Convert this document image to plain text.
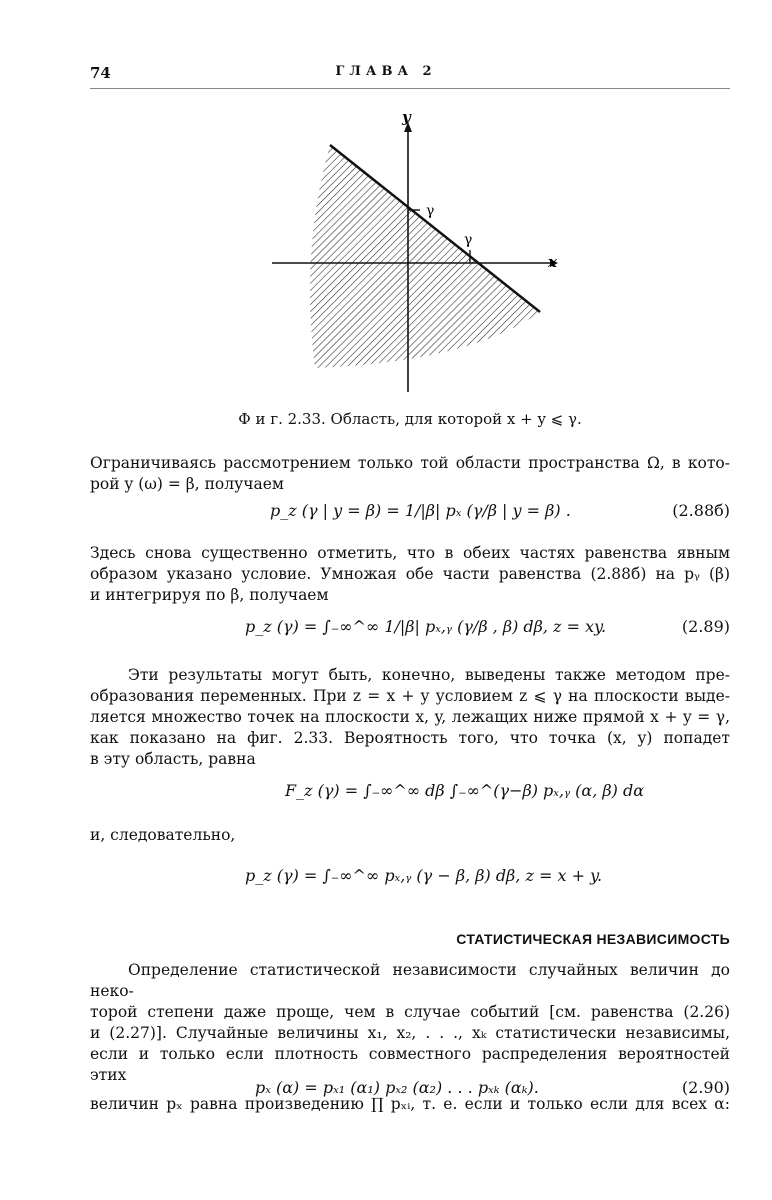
74	ГЛАВА 2
x
y
γ
γ
Ф и г. 2.33. Область, для которой x + y ⩽ γ.
Ограничиваясь рассмотрением только той области пространства Ω, в кото-
рой y (ω) = β, получаем
p_z (γ | y = β) = 1/|β| pₓ (γ/β | y = β) .	(2.88б)
Здесь снова существенно отметить, что в обеих частях равенства явным
образом указано условие. Умножая обе части равенства (2.88б) на pᵧ (β)
и интегрируя по β, получаем
p_z (γ) = ∫₋∞^∞ 1/|β| pₓ,ᵧ (γ/β , β) dβ, z = xy.	(2.89)
Эти результаты могут быть, конечно, выведены также методом пре-
образования переменных. При z = x + y условием z ⩽ γ на плоскости выде-
ляется множество точек на плоскости x, y, лежащих ниже прямой x + y = γ,
как показано на фиг. 2.33. Вероятность того, что точка (x, y) попадет
в эту область, равна
F_z (γ) = ∫₋∞^∞ dβ ∫₋∞^(γ−β) pₓ,ᵧ (α, β) dα
и, следовательно,
p_z (γ) = ∫₋∞^∞ pₓ,ᵧ (γ − β, β) dβ, z = x + y.
СТАТИСТИЧЕСКАЯ НЕЗАВИСИМОСТЬ
Определение статистической независимости случайных величин до неко-
торой степени даже проще, чем в случае событий [см. равенства (2.26)
и (2.27)]. Случайные величины x₁, x₂, . . ., xₖ статистически независимы,
если и только если плотность совместного распределения вероятностей этих
величин pₓ равна произведению ∏ pₓᵢ, т. е. если и только если для всех α:
pₓ (α) = pₓ₁ (α₁) pₓ₂ (α₂) . . . pₓₖ (αₖ).	(2.90)
